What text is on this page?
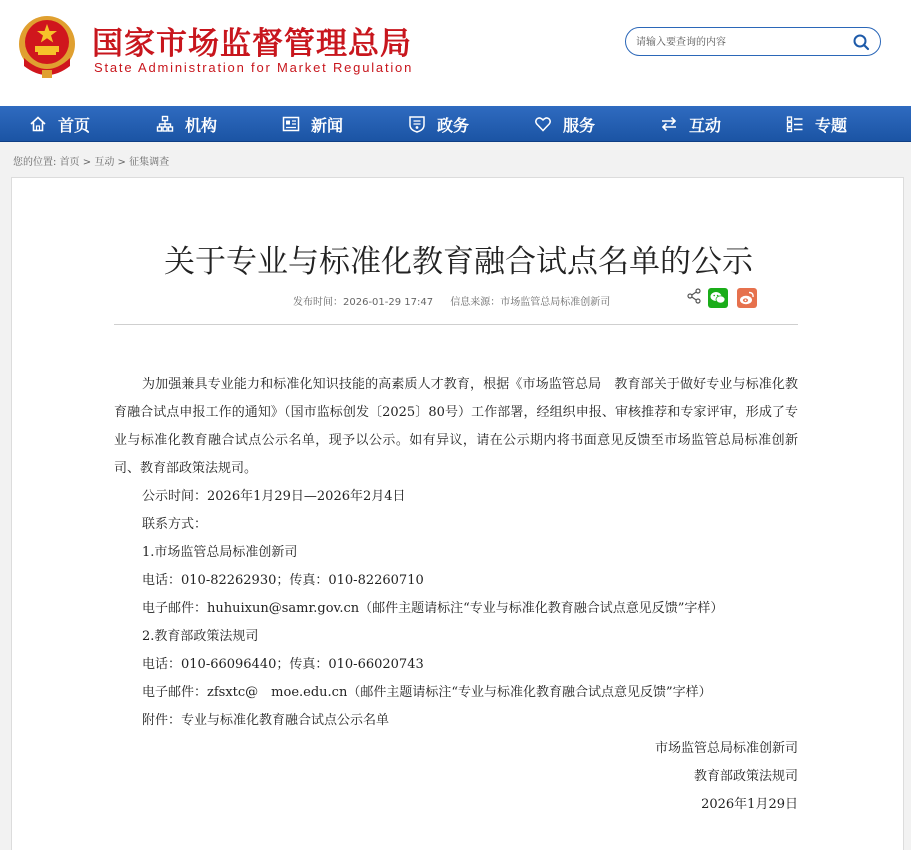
国家市场监督管理总局
State Administration for Market Regulation
请输入要查询的内容
首页	机构	新闻	政务	服务	互动	专题
您的位置: 首页 > 互动 > 征集调查
关于专业与标准化教育融合试点名单的公示
发布时间：2026-01-29 17:47 信息来源：市场监管总局标准创新司

为加强兼具专业能力和标准化知识技能的高素质人才教育，根据《市场监管总局　教育部关于做好专业与标准化教育融合试点申报工作的通知》（国市监标创发〔2025〕80号）工作部署，经组织申报、审核推荐和专家评审，形成了专业与标准化教育融合试点公示名单，现予以公示。如有异议，请在公示期内将书面意见反馈至市场监管总局标准创新司、教育部政策法规司。

公示时间：2026年1月29日—2026年2月4日
联系方式：
1.市场监管总局标准创新司
电话：010-82262930；传真：010-82260710
电子邮件：huhuixun@samr.gov.cn（邮件主题请标注“专业与标准化教育融合试点意见反馈”字样）
2.教育部政策法规司
电话：010-66096440；传真：010-66020743
电子邮件：zfsxtc@　moe.edu.cn（邮件主题请标注“专业与标准化教育融合试点意见反馈”字样）
附件：专业与标准化教育融合试点公示名单
市场监管总局标准创新司
教育部政策法规司
2026年1月29日
